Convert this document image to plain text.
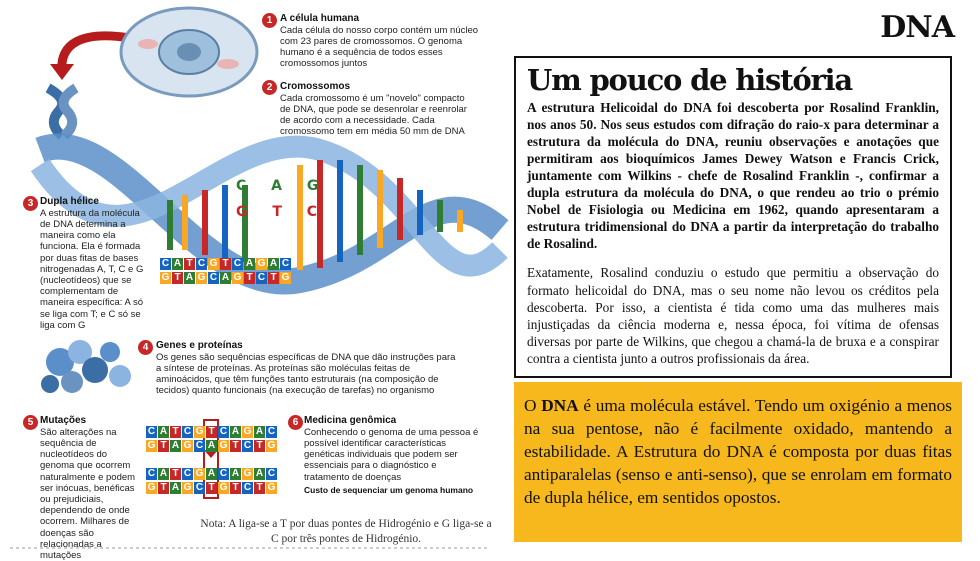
1 A célula humana
Cada célula do nosso corpo contém um núcleo com 23 pares de cromossomos. O genoma humano é a sequência de todos esses cromossomos juntos
2 Cromossomos
Cada cromossomo é um "novelo" compacto de DNA, que pode se desenrolar e reenrolar de acordo com a necessidade. Cada cromossomo tem em média 50 mm de DNA
C A G
G T C
3 Dupla hélice
A estrutura da molécula de DNA determina a maneira como ela funciona. Ela é formada por duas fitas de bases nitrogenadas A, T, C e G (nucleotídeos) que se complementam de maneira específica: A só se liga com T; e C só se liga com G
C A T C G T C A G A C
G T A G C A G T C T G
4 Genes e proteínas
Os genes são sequências específicas de DNA que dão instruções para a síntese de proteínas. As proteínas são moléculas feitas de aminoácidos, que têm funções tanto estruturais (na composição de tecidos) quanto funcionais (na execução de tarefas) no organismo
5 Mutações
São alterações na sequência de nucleotídeos do genoma que ocorrem naturalmente e podem ser inócuas, benéficas ou prejudiciais, dependendo de onde ocorrem. Milhares de doenças são relacionadas a mutações
C A T C G T C A G A C
G T A G C A G T C T G
C A T C G A C A G A C
G T A G C T G T C T G
6 Medicina genômica
Conhecendo o genoma de uma pessoa é possível identificar características genéticas individuais que podem ser essenciais para o diagnóstico e tratamento de doenças
Custo de sequenciar um genoma humano
Nota: A liga-se a T por duas pontes de Hidrogénio e G liga-se a C por três pontes de Hidrogénio.
DNA
Um pouco de história

A estrutura Helicoidal do DNA foi descoberta por Rosalind Franklin, nos anos 50. Nos seus estudos com difração do raio-x para determinar a estrutura da molécula do DNA, reuniu observações e anotações que permitiram aos bioquímicos James Dewey Watson e Francis Crick, juntamente com Wilkins - chefe de Rosalind Franklin -, confirmar a dupla estrutura da molécula do DNA, o que rendeu ao trio o prémio Nobel de Fisiologia ou Medicina em 1962, quando apresentaram a estrutura tridimensional do DNA a partir da interpretação do trabalho de Rosalind.

Exatamente, Rosalind conduziu o estudo que permitiu a observação do formato helicoidal do DNA, mas o seu nome não levou os créditos pela descoberta. Por isso, a cientista é tida como uma das mulheres mais injustiçadas da ciência moderna e, nessa época, foi vítima de ofensas diversas por parte de Wilkins, que chegou a chamá-la de bruxa e a conspirar contra a cientista junto a outros profissionais da área.

O DNA é uma molécula estável. Tendo um oxigénio a menos na sua pentose, não é facilmente oxidado, mantendo a estabilidade. A Estrutura do DNA é composta por duas fitas antiparalelas (senso e anti-senso), que se enrolam em formato de dupla hélice, em sentidos opostos.
